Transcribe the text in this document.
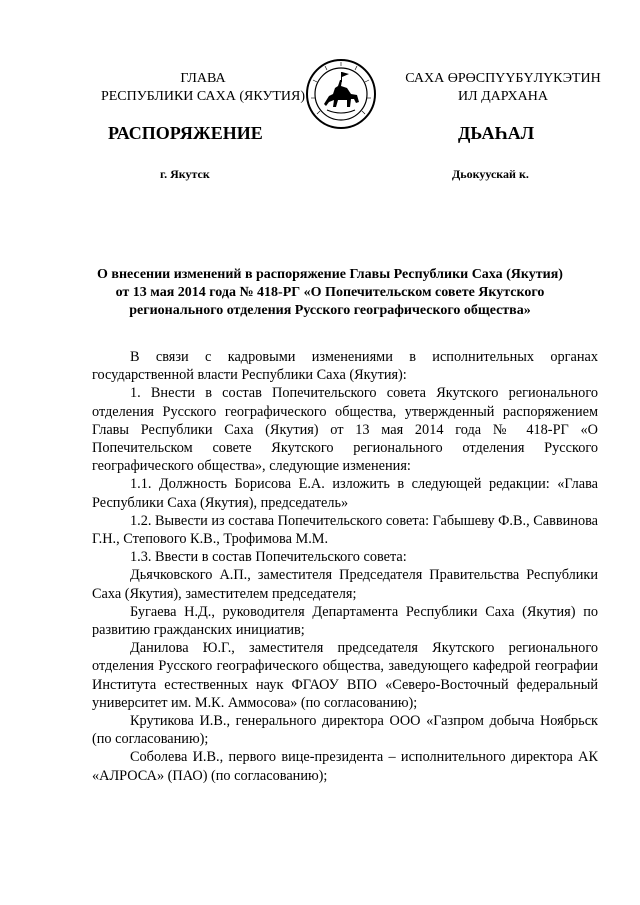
ГЛАВА
РЕСПУБЛИКИ САХА (ЯКУТИЯ)
САХА ӨРӨСПҮҮБҮЛҮКЭТИН
ИЛ ДАРХАНА
РАСПОРЯЖЕНИЕ	ДЬАҺАЛ
г. Якутск	Дьокуускай к.
О внесении изменений в распоряжение Главы Республики Саха (Якутия)
от 13 мая 2014 года № 418-РГ «О Попечительском совете Якутского
регионального отделения Русского географического общества»

В связи с кадровыми изменениями в исполнительных органах государственной власти Республики Саха (Якутия):

1. Внести в состав Попечительского совета Якутского регионального отделения Русского географического общества, утвержденный распоряжением Главы Республики Саха (Якутия) от 13 мая 2014 года № 418-РГ «О Попечительском совете Якутского регионального отделения Русского географического общества», следующие изменения:

1.1. Должность Борисова Е.А. изложить в следующей редакции: «Глава Республики Саха (Якутия), председатель»

1.2. Вывести из состава Попечительского совета: Габышеву Ф.В., Саввинова Г.Н., Степового К.В., Трофимова М.М.

1.3. Ввести в состав Попечительского совета:

Дьячковского А.П., заместителя Председателя Правительства Республики Саха (Якутия), заместителем председателя;

Бугаева Н.Д., руководителя Департамента Республики Саха (Якутия) по развитию гражданских инициатив;

Данилова Ю.Г., заместителя председателя Якутского регионального отделения Русского географического общества, заведующего кафедрой географии Института естественных наук ФГАОУ ВПО «Северо-Восточный федеральный университет им. М.К. Аммосова» (по согласованию);

Крутикова И.В., генерального директора ООО «Газпром добыча Ноябрьск (по согласованию);

Соболева И.В., первого вице-президента – исполнительного директора АК «АЛРОСА» (ПАО) (по согласованию);
